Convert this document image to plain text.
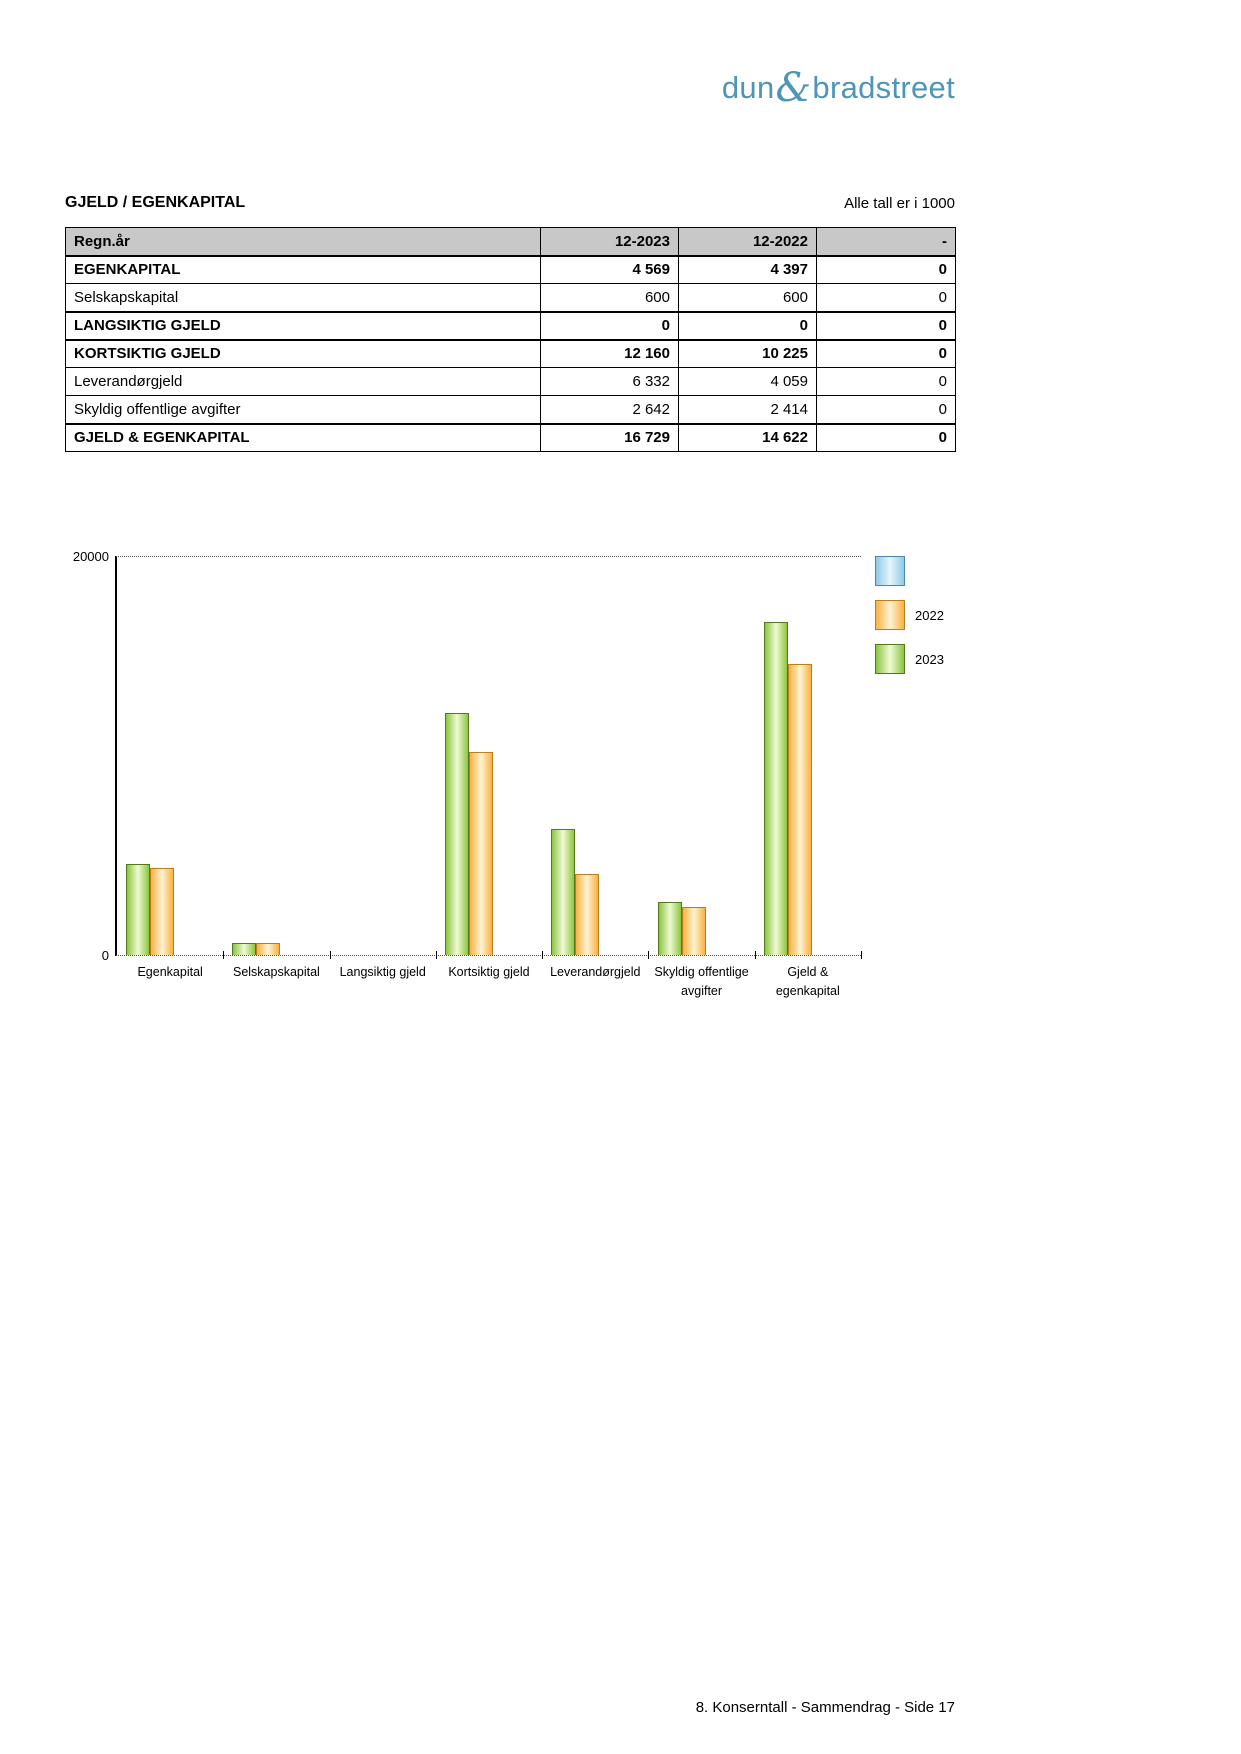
dun&bradstreet
GJELD / EGENKAPITAL	Alle tall er i 1000
Regn.år	12-2023	12-2022	-
EGENKAPITAL	4 569	4 397	0
Selskapskapital	600	600	0
LANGSIKTIG GJELD	0	0	0
KORTSIKTIG GJELD	12 160	10 225	0
Leverandørgjeld	6 332	4 059	0
Skyldig offentlige avgifter	2 642	2 414	0
GJELD & EGENKAPITAL	16 729	14 622	0
20000
0
Egenkapital	Selskapskapital	Langsiktig gjeld	Kortsiktig gjeld	Leverandørgjeld	Skyldig offentlige avgifter
Gjeld & egenkapital
2022
2023
8. Konserntall - Sammendrag - Side 17
